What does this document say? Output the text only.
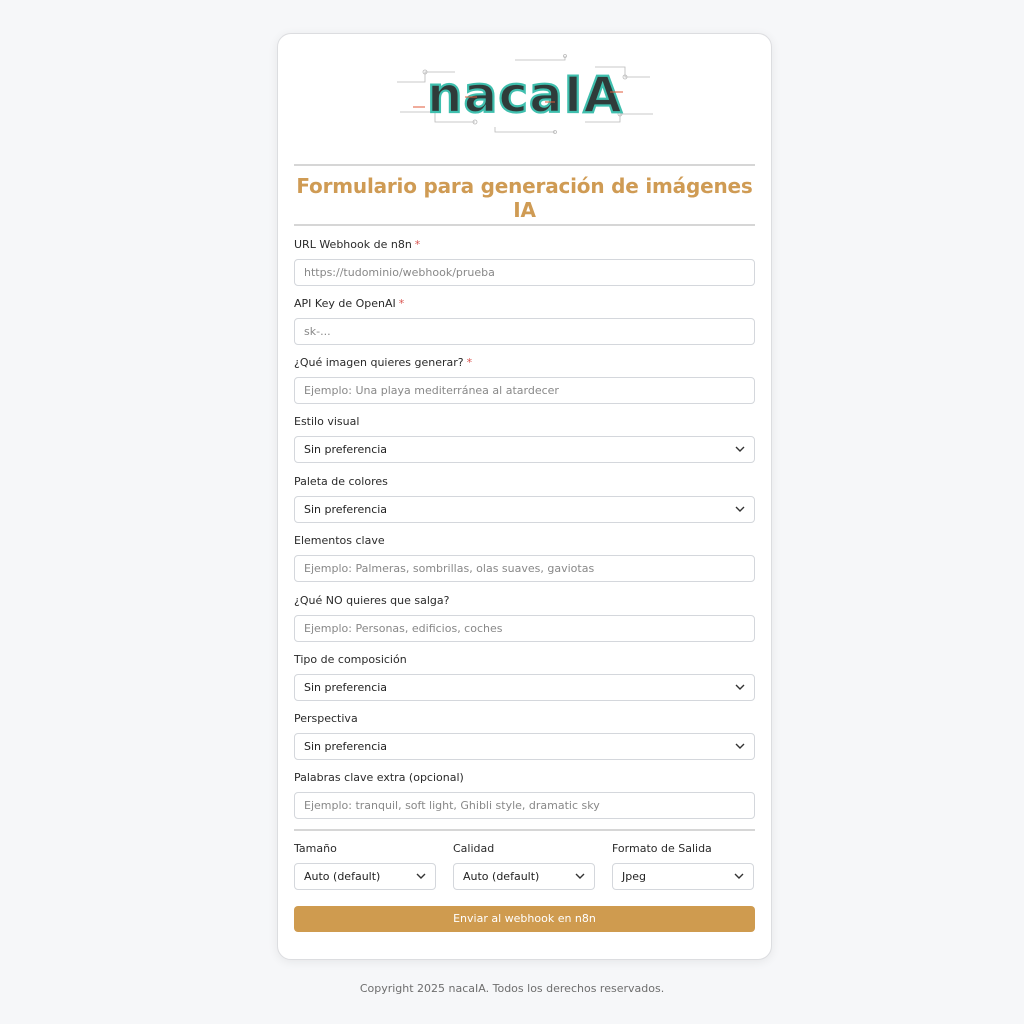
nacaIA
Formulario para generación de imágenes IA
URL Webhook de n8n *
https://tudominio/webhook/prueba
API Key de OpenAI *
sk-...
¿Qué imagen quieres generar? *
Ejemplo: Una playa mediterránea al atardecer
Estilo visual
Sin preferencia
Paleta de colores
Sin preferencia
Elementos clave
Ejemplo: Palmeras, sombrillas, olas suaves, gaviotas
¿Qué NO quieres que salga?
Ejemplo: Personas, edificios, coches
Tipo de composición
Sin preferencia
Perspectiva
Sin preferencia
Palabras clave extra (opcional)
Ejemplo: tranquil, soft light, Ghibli style, dramatic sky
Tamaño
Auto (default)
Calidad
Auto (default)
Formato de Salida
Jpeg
Enviar al webhook en n8n
Copyright 2025 nacaIA. Todos los derechos reservados.
